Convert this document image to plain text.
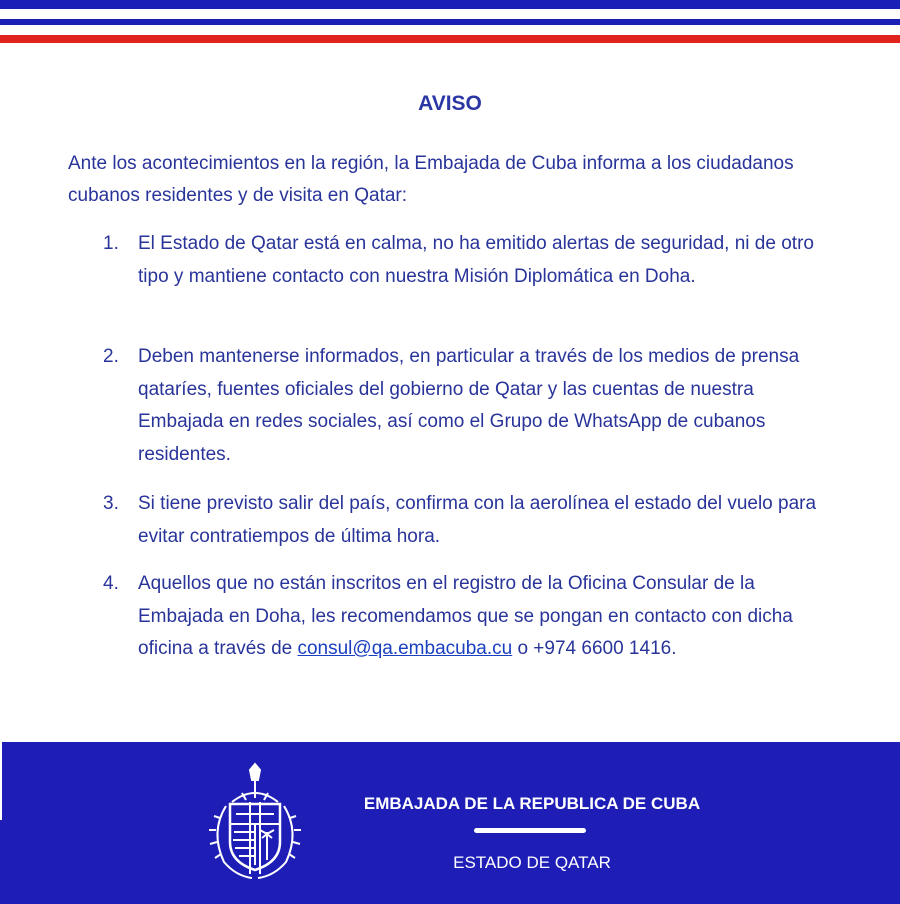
AVISO

Ante los acontecimientos en la región, la Embajada de Cuba informa a los ciudadanos cubanos residentes y de visita en Qatar:

1.	El Estado de Qatar está en calma, no ha emitido alertas de seguridad, ni de otro tipo y mantiene contacto con nuestra Misión Diplomática en Doha.

2.	Deben mantenerse informados, en particular a través de los medios de prensa qataríes, fuentes oficiales del gobierno de Qatar y las cuentas de nuestra Embajada en redes sociales, así como el Grupo de WhatsApp de cubanos residentes.

3.	Si tiene previsto salir del país, confirma con la aerolínea el estado del vuelo para evitar contratiempos de última hora.

4.	Aquellos que no están inscritos en el registro de la Oficina Consular de la Embajada en Doha, les recomendamos que se pongan en contacto con dicha oficina a través de consul@qa.embacuba.cu o +974 6600 1416.

EMBAJADA DE LA REPUBLICA DE CUBA
ESTADO DE QATAR
